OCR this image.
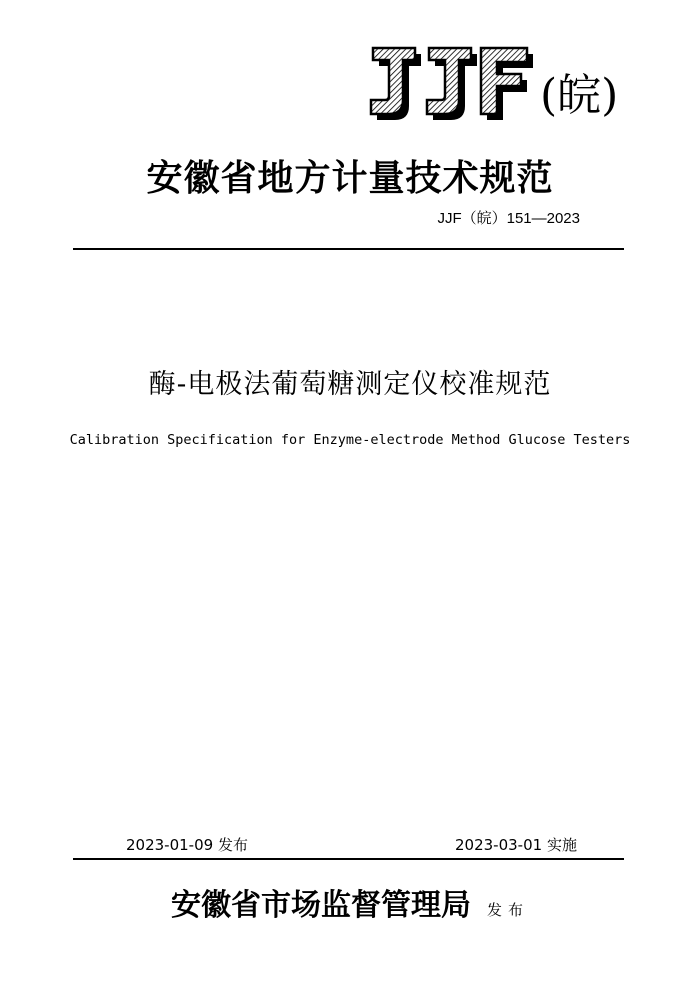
(皖)
安徽省地方计量技术规范
JJF（皖）151—2023
酶-电极法葡萄糖测定仪校准规范
Calibration Specification for Enzyme-electrode Method Glucose Testers
2023-01-09 发布	2023-03-01 实施
安徽省市场监督管理局 发布
